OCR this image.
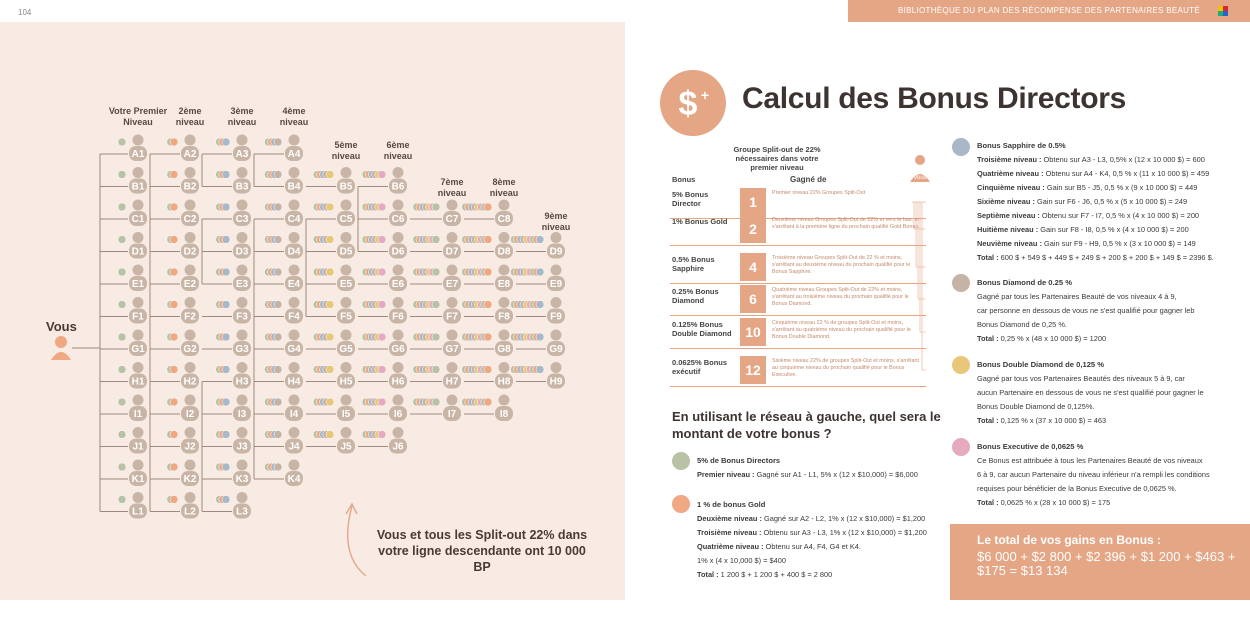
104	BIBLIOTHÈQUE DU PLAN DES RÉCOMPENSE DES PARTENAIRES BEAUTÉ
Votre Premier
Niveau
2ème
niveau
3ème
niveau
4ème
niveau
5ème
niveau
6ème
niveau
7ème
niveau
8ème
niveau
9ème
niveau
A1
B1
C1
D1
E1
F1
G1
H1
I1
J1
K1
L1
A2
B2
C2
D2
E2
F2
G2
H2
I2
J2
K2
L2
A3
B3
C3
D3
E3
F3
G3
H3
I3
J3
K3
L3
A4
B4
C4
D4
E4
F4
G4
H4
I4
J4
K4
B5
C5
D5
E5
F5
G5
H5
I5
J5
B6
C6
D6
E6
F6
G6
H6
I6
J6
C7
D7
E7
F7
G7
H7
I7
C8
D8
E8
F8
G8
H8
I8
D9
E9
F9
G9
H9
Vous
Vous et tous les Split-out 22% dans votre ligne descendante ont 10 000 BP
$ + Calcul des Bonus Directors
Groupe Split-out de 22% nécessaires dans votre premier niveau
Bonus	Gagné de
5% Bonus Director	1
Premier niveau 22% Groupes Split-Out
1% Bonus Gold	2
Deuxième niveau Groupes Split-Out de 22% et vers le bas, en s'arrêtant à la première ligne du prochain qualifié Gold Bonus.
0.5% Bonus Sapphire	4
Troisième niveau Groupes Split-Out de 22 % et moins, s'arrêtant au deuxième niveau du prochain qualifié pour le Bonus Sapphire.
0.25% Bonus Diamond	6
Quatrième niveau Groupes Split-Out de 22% et moins, s'arrêtant au troisième niveau du prochain qualifié pour le Bonus Diamond.
0.125% Bonus Double Diamond 10
Cinquième niveau 22 % de groupes Split-Out et moins, s'arrêtant au quatrième niveau du prochain qualifié pour le Bonus Double Diamond.
0.0625% Bonus exécutif	12
Sixième niveau 22% de groupes Split-Out et moins, s'arrêtant au cinquième niveau du prochain qualifié pour le Bonus Executive.
Vous
En utilisant le réseau à gauche, quel sera le montant de votre bonus ?
5% de Bonus Directors
Premier niveau : Gagné sur A1 - L1, 5% x (12 x $10,000) = $6,000
1 % de bonus Gold
Deuxième niveau : Gagné sur A2 - L2, 1% x (12 x $10,000) = $1,200
Troisième niveau : Obtenu sur A3 - L3, 1% x (12 x $10,000) = $1,200
Quatrième niveau : Obtenu sur A4, F4, G4 et K4.
1% x (4 x 10,000 $) = $400
Total : 1 200 $ + 1 200 $ + 400 $ = 2 800
Bonus Sapphire de 0.5%
Troisième niveau : Obtenu sur A3 - L3, 0,5% x (12 x 10 000 $) = 600
Quatrième niveau : Obtenu sur A4 - K4, 0,5 % x (11 x 10 000 $) = 459
Cinquième niveau : Gain sur B5 - J5, 0,5 % x (9 x 10 000 $) = 449
Sixième niveau : Gain sur F6 - J6, 0,5 % x (5 x 10 000 $) = 249
Septième niveau : Obtenu sur F7 - I7, 0,5 % x (4 x 10 000 $) = 200
Huitième niveau : Gain sur F8 - I8, 0,5 % x (4 x 10 000 $) = 200
Neuvième niveau : Gain sur F9 - H9, 0,5 % x (3 x 10 000 $) = 149
Total : 600 $ + 549 $ + 449 $ + 249 $ + 200 $ + 200 $ + 149 $ = 2396 $.
Bonus Diamond de 0.25 %
Gagné par tous les Partenaires Beauté de vos niveaux 4 à 9,
car personne en dessous de vous ne s'est qualifié pour gagner leb
Bonus Diamond de 0,25 %.
Total : 0,25 % x (48 x 10 000 $) = 1200
Bonus Double Diamond de 0,125 %
Gagné par tous vos Partenaires Beautés des niveaux 5 à 9, car
aucun Partenaire en dessous de vous ne s'est qualifié pour gagner le
Bonus Double Diamond de 0,125%.
Total : 0,125 % x (37 x 10 000 $) = 463
Bonus Executive de 0,0625 %
Ce Bonus est attribuée à tous les Partenaires Beauté de vos niveaux
6 à 9, car aucun Partenaire du niveau inférieur n'a rempli les conditions
requises pour bénéficier de la Bonus Executive de 0,0625 %.
Total : 0,0625 % x (28 x 10 000 $) = 175
Le total de vos gains en Bonus :
$6 000 + $2 800 + $2 396 + $1 200 + $463 + $175 = $13 134
